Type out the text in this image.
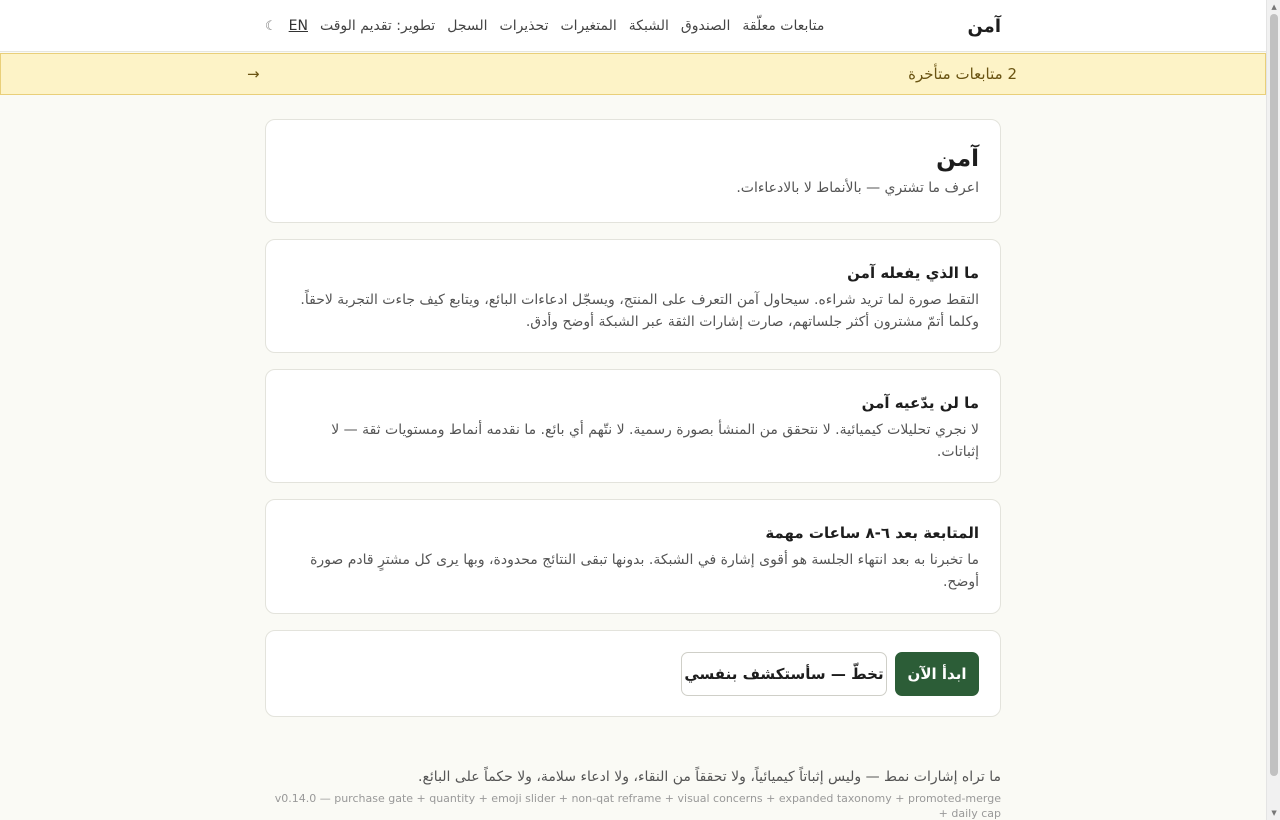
آمن
متابعات معلّقة
الصندوق
الشبكة
المتغيرات
تحذيرات
السجل
تطوير: تقديم الوقت
EN
☾
2 متابعات متأخرة
→
آمن

اعرف ما تشتري — بالأنماط لا بالادعاءات.

ما الذي يفعله آمن

التقط صورة لما تريد شراءه. سيحاول آمن التعرف على المنتج، ويسجّل ادعاءات البائع، ويتابع كيف جاءت التجربة لاحقاً. وكلما أتمّ مشترون أكثر جلساتهم، صارت إشارات الثقة عبر الشبكة أوضح وأدق.

ما لن يدّعيه آمن

لا نجري تحليلات كيميائية. لا نتحقق من المنشأ بصورة رسمية. لا نتّهم أي بائع. ما نقدمه أنماط ومستويات ثقة — لا إثباتات.

المتابعة بعد ٦-٨ ساعات مهمة

ما تخبرنا به بعد انتهاء الجلسة هو أقوى إشارة في الشبكة. بدونها تبقى النتائج محدودة، وبها يرى كل مشترٍ قادم صورة أوضح.

ابدأ الآن
تخطّ — سأستكشف بنفسي

ما تراه إشارات نمط — وليس إثباتاً كيميائياً، ولا تحققاً من النقاء، ولا ادعاء سلامة، ولا حكماً على البائع.

v0.14.0 — purchase gate + quantity + emoji slider + non-qat reframe + visual concerns + expanded taxonomy + promoted-merge + daily cap

▲
▼
